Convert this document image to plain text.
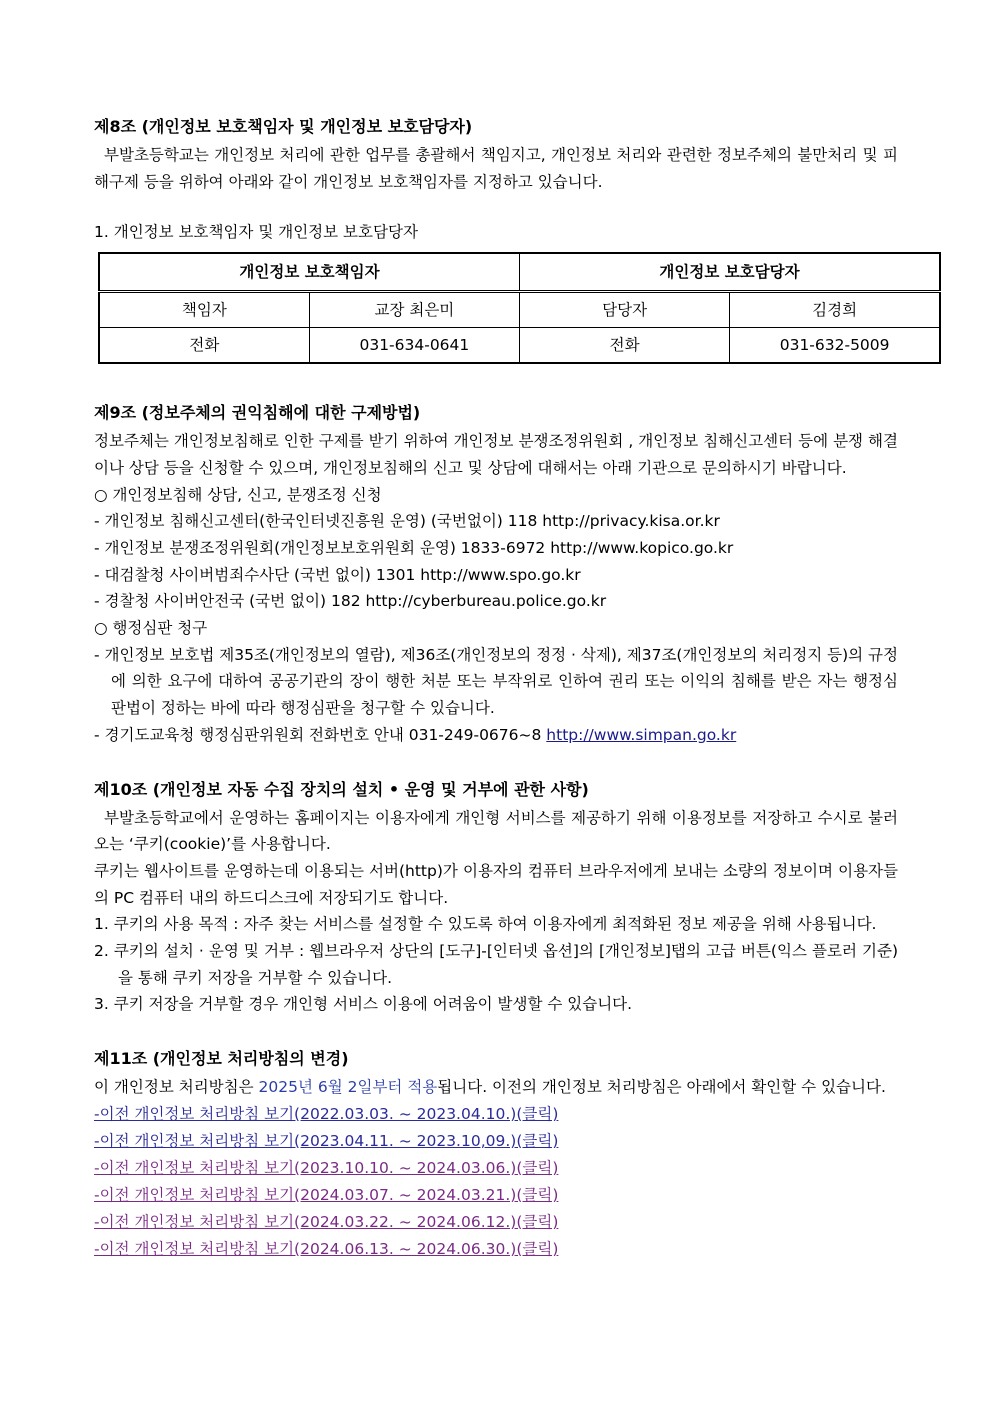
제8조 (개인정보 보호책임자 및 개인정보 보호담당자)

부발초등학교는 개인정보 처리에 관한 업무를 총괄해서 책임지고, 개인정보 처리와 관련한 정보주체의 불만처리 및 피해구제 등을 위하여 아래와 같이 개인정보 보호책임자를 지정하고 있습니다.

1. 개인정보 보호책임자 및 개인정보 보호담당자

개인정보 보호책임자		개인정보 보호담당자	
책임자	교장 최은미	담당자	김경희
전화	031-634-0641	전화	031-632-5009

제9조 (정보주체의 권익침해에 대한 구제방법)

정보주체는 개인정보침해로 인한 구제를 받기 위하여 개인정보 분쟁조정위원회 , 개인정보 침해신고센터 등에 분쟁 해결이나 상담 등을 신청할 수 있으며, 개인정보침해의 신고 및 상담에 대해서는 아래 기관으로 문의하시기 바랍니다.

○ 개인정보침해 상담, 신고, 분쟁조정 신청

- 개인정보 침해신고센터(한국인터넷진흥원 운영) (국번없이) 118 http://privacy.kisa.or.kr

- 개인정보 분쟁조정위원회(개인정보보호위원회 운영) 1833-6972 http://www.kopico.go.kr

- 대검찰청 사이버범죄수사단 (국번 없이) 1301 http://www.spo.go.kr

- 경찰청 사이버안전국 (국번 없이) 182 http://cyberbureau.police.go.kr

○ 행정심판 청구

- 개인정보 보호법 제35조(개인정보의 열람), 제36조(개인정보의 정정 · 삭제), 제37조(개인정보의 처리정지 등)의 규정에 의한 요구에 대하여 공공기관의 장이 행한 처분 또는 부작위로 인하여 권리 또는 이익의 침해를 받은 자는 행정심판법이 정하는 바에 따라 행정심판을 청구할 수 있습니다.

- 경기도교육청 행정심판위원회 전화번호 안내 031-249-0676~8 http://www.simpan.go.kr

제10조 (개인정보 자동 수집 장치의 설치 • 운영 및 거부에 관한 사항)

부발초등학교에서 운영하는 홈페이지는 이용자에게 개인형 서비스를 제공하기 위해 이용정보를 저장하고 수시로 불러오는 ‘쿠키(cookie)’를 사용합니다.

쿠키는 웹사이트를 운영하는데 이용되는 서버(http)가 이용자의 컴퓨터 브라우저에게 보내는 소량의 정보이며 이용자들의 PC 컴퓨터 내의 하드디스크에 저장되기도 합니다.

1. 쿠키의 사용 목적 : 자주 찾는 서비스를 설정할 수 있도록 하여 이용자에게 최적화된 정보 제공을 위해 사용됩니다.

2. 쿠키의 설치 · 운영 및 거부 : 웹브라우저 상단의 [도구]-[인터넷 옵션]의 [개인정보]탭의 고급 버튼(익스 플로러 기준)을 통해 쿠키 저장을 거부할 수 있습니다.

3. 쿠키 저장을 거부할 경우 개인형 서비스 이용에 어려움이 발생할 수 있습니다.

제11조 (개인정보 처리방침의 변경)

이 개인정보 처리방침은 2025년 6월 2일부터 적용됩니다. 이전의 개인정보 처리방침은 아래에서 확인할 수 있습니다.

-이전 개인정보 처리방침 보기(2022.03.03. ~ 2023.04.10.)(클릭)
-이전 개인정보 처리방침 보기(2023.04.11. ~ 2023.10,09.)(클릭)
-이전 개인정보 처리방침 보기(2023.10.10. ~ 2024.03.06.)(클릭)
-이전 개인정보 처리방침 보기(2024.03.07. ~ 2024.03.21.)(클릭)
-이전 개인정보 처리방침 보기(2024.03.22. ~ 2024.06.12.)(클릭)
-이전 개인정보 처리방침 보기(2024.06.13. ~ 2024.06.30.)(클릭)
